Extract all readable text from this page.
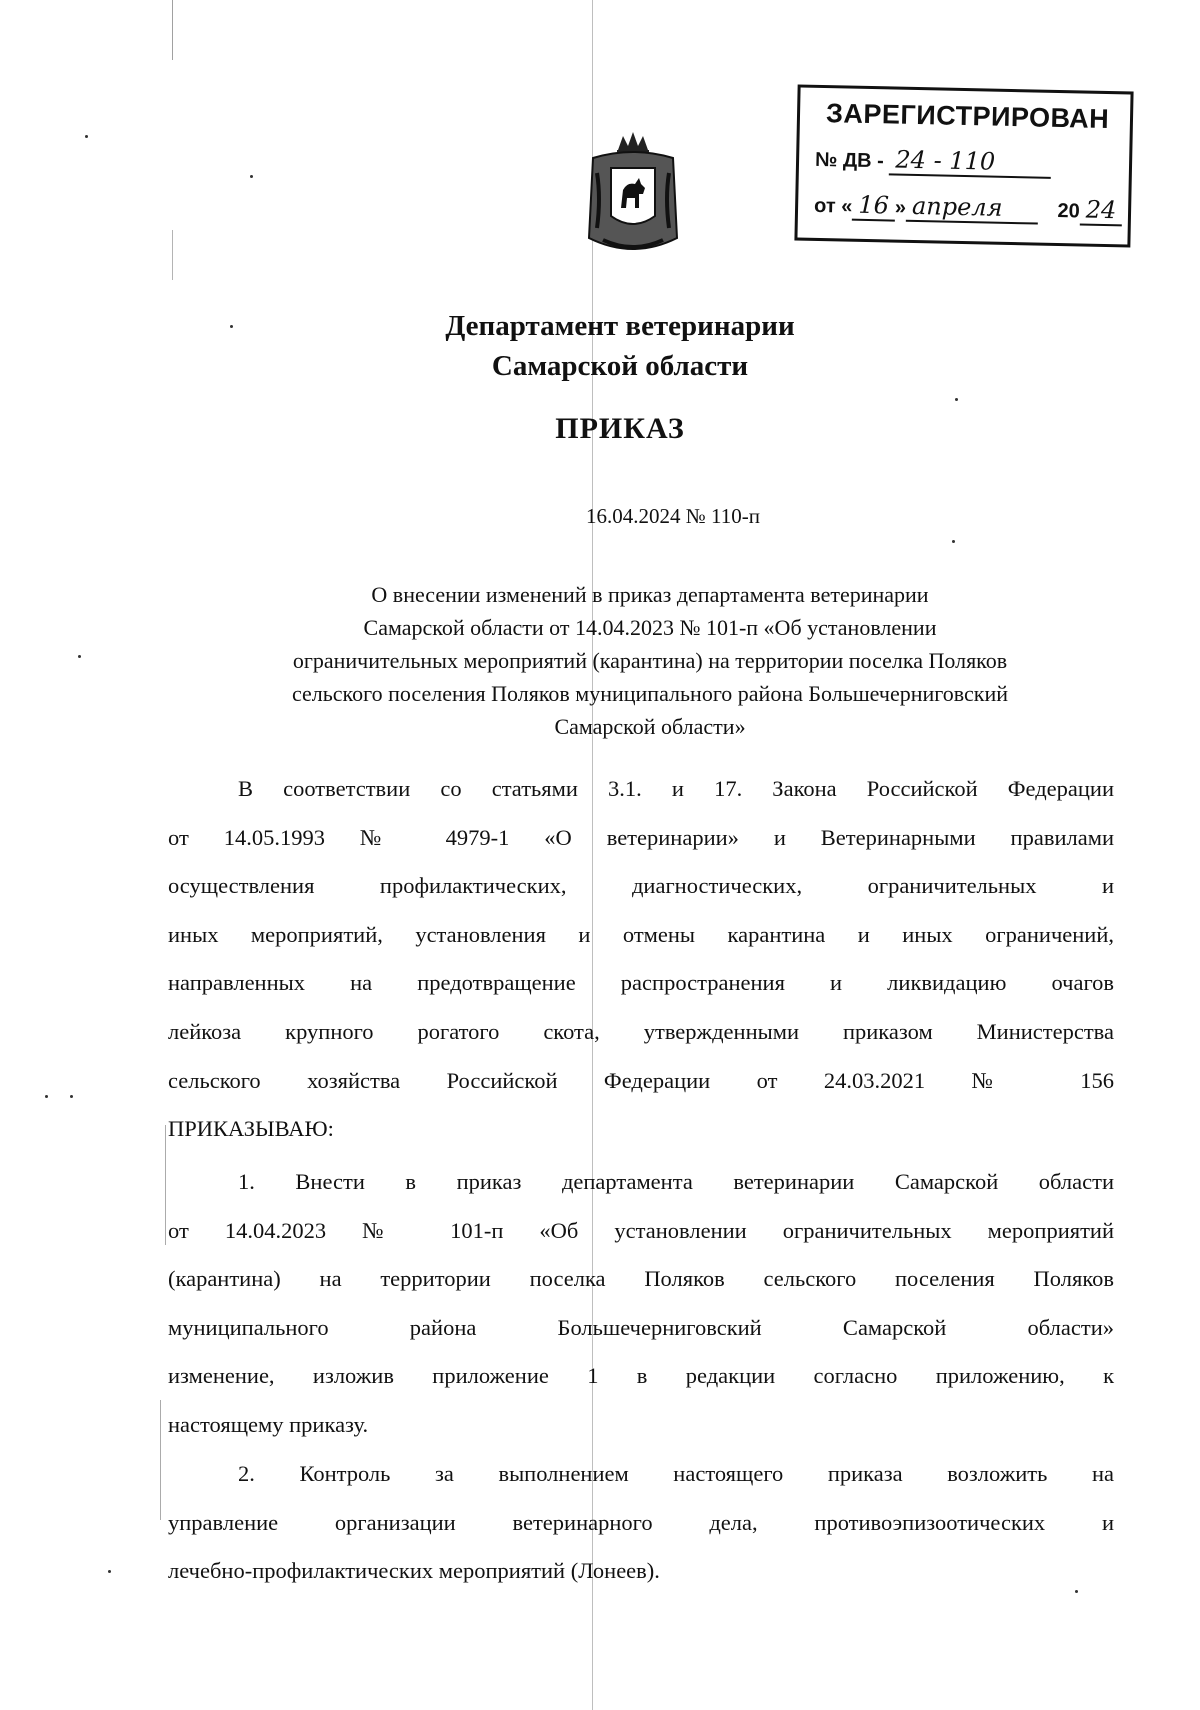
ЗАРЕГИСТРИРОВАН
№ ДВ - 24 - 110
от « 16 » апреля	20 24
Департамент ветеринарии
Самарской области
ПРИКАЗ
16.04.2024 № 110-п
О внесении изменений в приказ департамента ветеринарии
Самарской области от 14.04.2023 № 101-п «Об установлении
ограничительных мероприятий (карантина) на территории поселка Поляков
сельского поселения Поляков муниципального района Большечерниговский
Самарской области»
В соответствии со статьями 3.1. и 17. Закона Российской Федерации
от 14.05.1993 № 4979-1 «О ветеринарии» и Ветеринарными правилами
осуществления профилактических, диагностических, ограничительных и
иных мероприятий, установления и отмены карантина и иных ограничений,
направленных на предотвращение распространения и ликвидацию очагов
лейкоза крупного рогатого скота, утвержденными приказом Министерства
сельского хозяйства Российской Федерации от 24.03.2021 № 156
ПРИКАЗЫВАЮ:
1. Внести в приказ департамента ветеринарии Самарской области
от 14.04.2023 № 101-п «Об установлении ограничительных мероприятий
(карантина) на территории поселка Поляков сельского поселения Поляков
муниципального района Большечерниговский Самарской области»
изменение, изложив приложение 1 в редакции согласно приложению, к
настоящему приказу.
2. Контроль за выполнением настоящего приказа возложить на
управление организации ветеринарного дела, противоэпизоотических и
лечебно-профилактических мероприятий (Лонеев).
